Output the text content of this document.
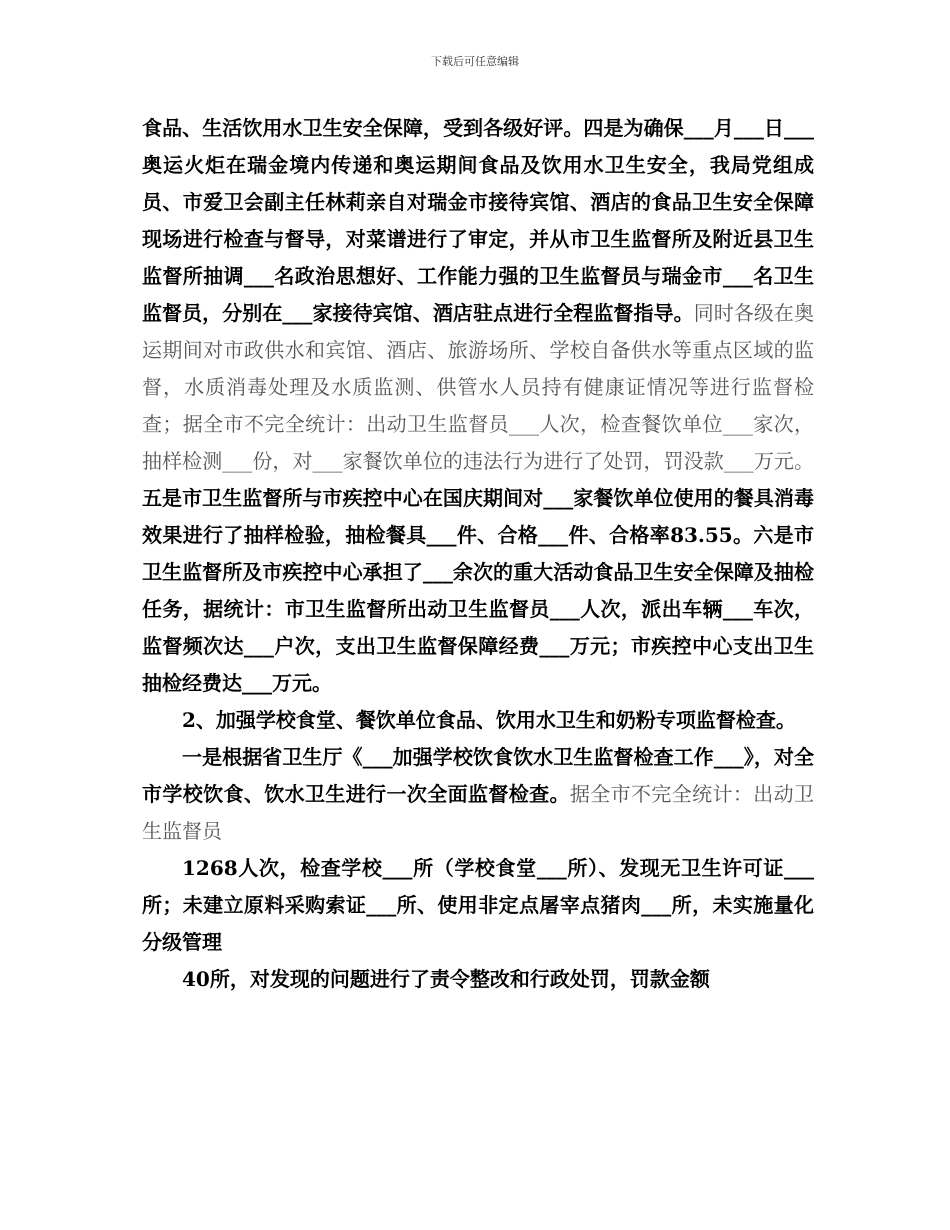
下载后可任意编辑

食品、生活饮用水卫生安全保障，受到各级好评。四是为确保___月___日___奥运火炬在瑞金境内传递和奥运期间食品及饮用水卫生安全，我局党组成员、市爱卫会副主任林莉亲自对瑞金市接待宾馆、酒店的食品卫生安全保障现场进行检查与督导，对菜谱进行了审定，并从市卫生监督所及附近县卫生监督所抽调___名政治思想好、工作能力强的卫生监督员与瑞金市___名卫生监督员，分别在___家接待宾馆、酒店驻点进行全程监督指导。同时各级在奥运期间对市政供水和宾馆、酒店、旅游场所、学校自备供水等重点区域的监督，水质消毒处理及水质监测、供管水人员持有健康证情况等进行监督检查；据全市不完全统计：出动卫生监督员___人次，检查餐饮单位___家次，抽样检测___份，对___家餐饮单位的违法行为进行了处罚，罚没款___万元。五是市卫生监督所与市疾控中心在国庆期间对___家餐饮单位使用的餐具消毒效果进行了抽样检验，抽检餐具___件、合格___件、合格率83.55。六是市卫生监督所及市疾控中心承担了___余次的重大活动食品卫生安全保障及抽检任务，据统计：市卫生监督所出动卫生监督员___人次，派出车辆___车次，监督频次达___户次，支出卫生监督保障经费___万元；市疾控中心支出卫生抽检经费达___万元。

2、加强学校食堂、餐饮单位食品、饮用水卫生和奶粉专项监督检查。

一是根据省卫生厅《___加强学校饮食饮水卫生监督检查工作___》，对全市学校饮食、饮水卫生进行一次全面监督检查。据全市不完全统计：出动卫生监督员

1268人次，检查学校___所（学校食堂___所）、发现无卫生许可证___所；未建立原料采购索证___所、使用非定点屠宰点猪肉___所，未实施量化分级管理

40所，对发现的问题进行了责令整改和行政处罚，罚款金额
